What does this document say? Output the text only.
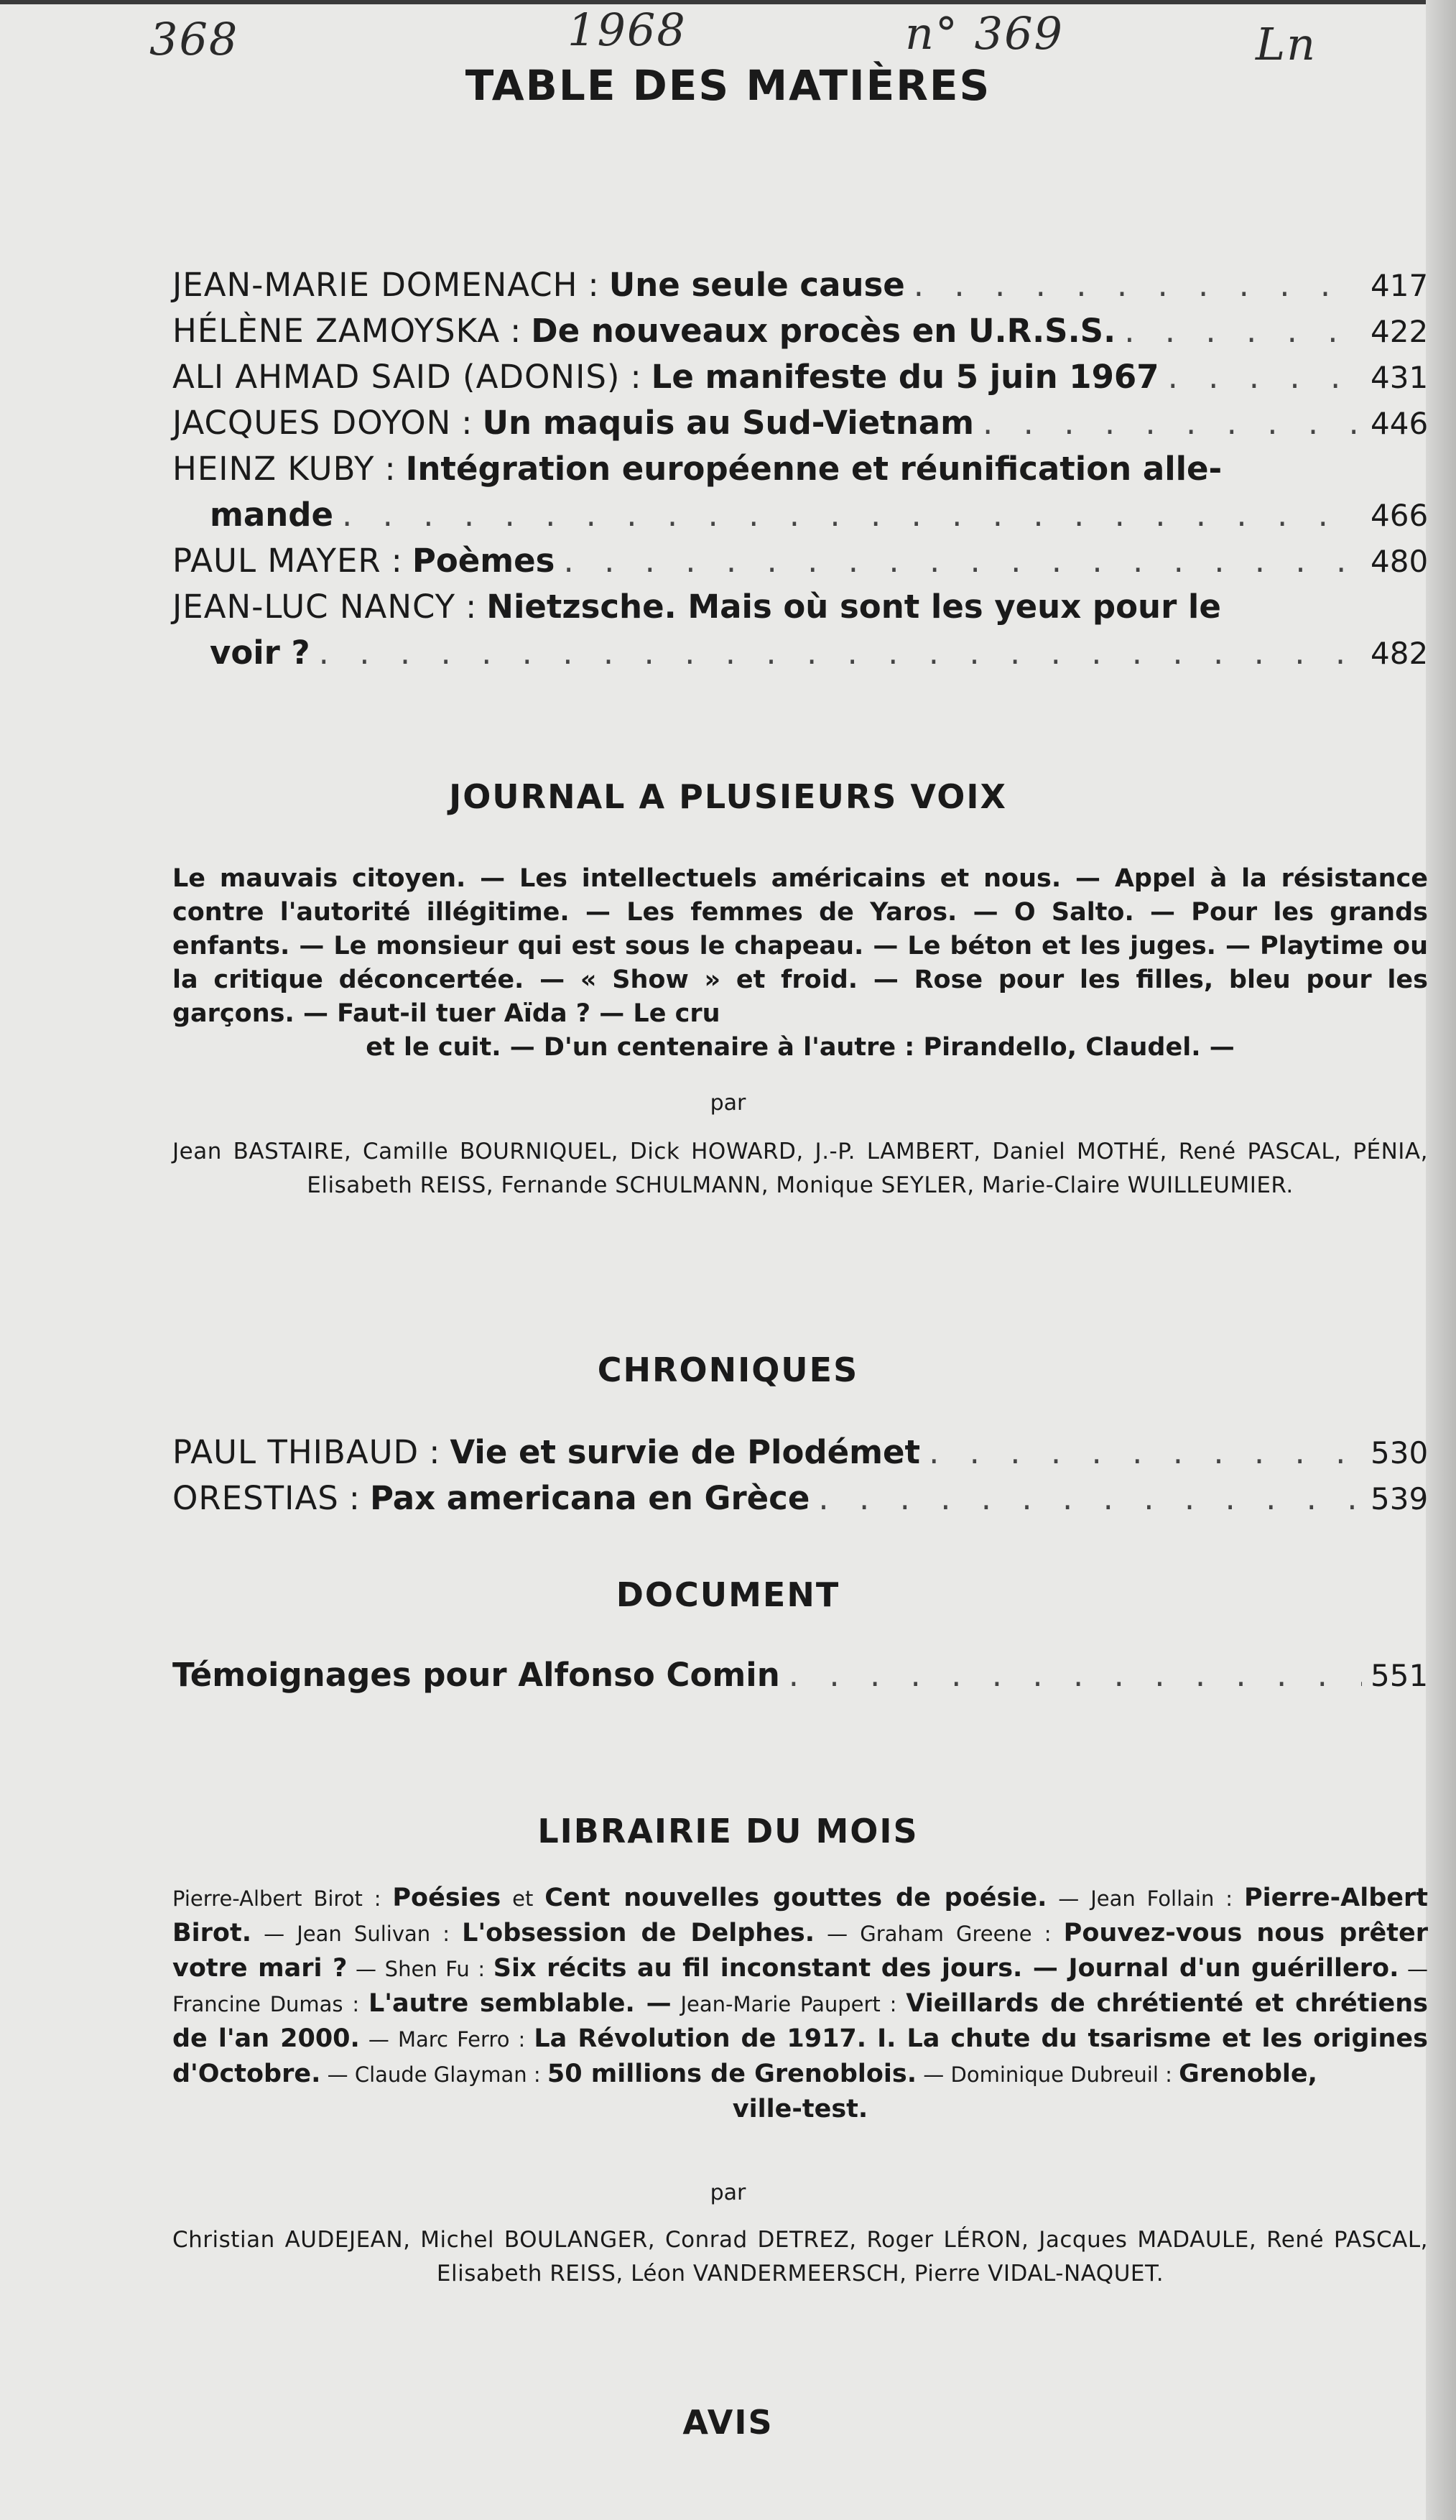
368	1968	n° 369	Ln
TABLE DES MATIÈRES
JEAN-MARIE DOMENACH : Une seule cause . . .	417
HÉLÈNE ZAMOYSKA : De nouveaux procès en U.R.S.S. . . .	422
ALI AHMAD SAID (ADONIS) : Le manifeste du 5 juin 1967 . . .	431
JACQUES DOYON : Un maquis au Sud-Vietnam . . .	446
HEINZ KUBY : Intégration européenne et réunification alle-
mande . . .	466
PAUL MAYER : Poèmes . . .	480
JEAN-LUC NANCY : Nietzsche. Mais où sont les yeux pour le
voir ? . . .	482
JOURNAL A PLUSIEURS VOIX

Le mauvais citoyen. — Les intellectuels américains et nous. — Appel à la résistance contre l'autorité illégitime. — Les femmes de Yaros. — O Salto. — Pour les grands enfants. — Le monsieur qui est sous le chapeau. — Le béton et les juges. — Playtime ou la critique déconcertée. — « Show » et froid. — Rose pour les filles, bleu pour les garçons. — Faut-il tuer Aïda ? — Le cru
et le cuit. — D'un centenaire à l'autre : Pirandello, Claudel. —

par

Jean BASTAIRE, Camille BOURNIQUEL, Dick HOWARD, J.-P. LAMBERT, Daniel MOTHÉ, René PASCAL, PÉNIA, Elisabeth REISS, Fernande SCHULMANN, Monique SEYLER, Marie-Claire WUILLEUMIER.

CHRONIQUES
PAUL THIBAUD : Vie et survie de Plodémet . . .	530
ORESTIAS : Pax americana en Grèce . . .	539
DOCUMENT
Témoignages pour Alfonso Comin . . .	551
LIBRAIRIE DU MOIS

Pierre-Albert Birot : Poésies et Cent nouvelles gouttes de poésie. — Jean Follain : Pierre-Albert Birot. — Jean Sulivan : L'obsession de Delphes. — Graham Greene : Pouvez-vous nous prêter votre mari ? — Shen Fu : Six récits au fil inconstant des jours. — Journal d'un guérillero. — Francine Dumas : L'autre semblable. — Jean-Marie Paupert : Vieillards de chrétienté et chrétiens de l'an 2000. — Marc Ferro : La Révolution de 1917. I. La chute du tsarisme et les origines d'Octobre. — Claude Glayman : 50 millions de Grenoblois. — Dominique Dubreuil : Grenoble,
ville-test.

par

Christian AUDEJEAN, Michel BOULANGER, Conrad DETREZ, Roger LÉRON, Jacques MADAULE, René PASCAL, Elisabeth REISS, Léon VANDERMEERSCH, Pierre VIDAL-NAQUET.

AVIS
